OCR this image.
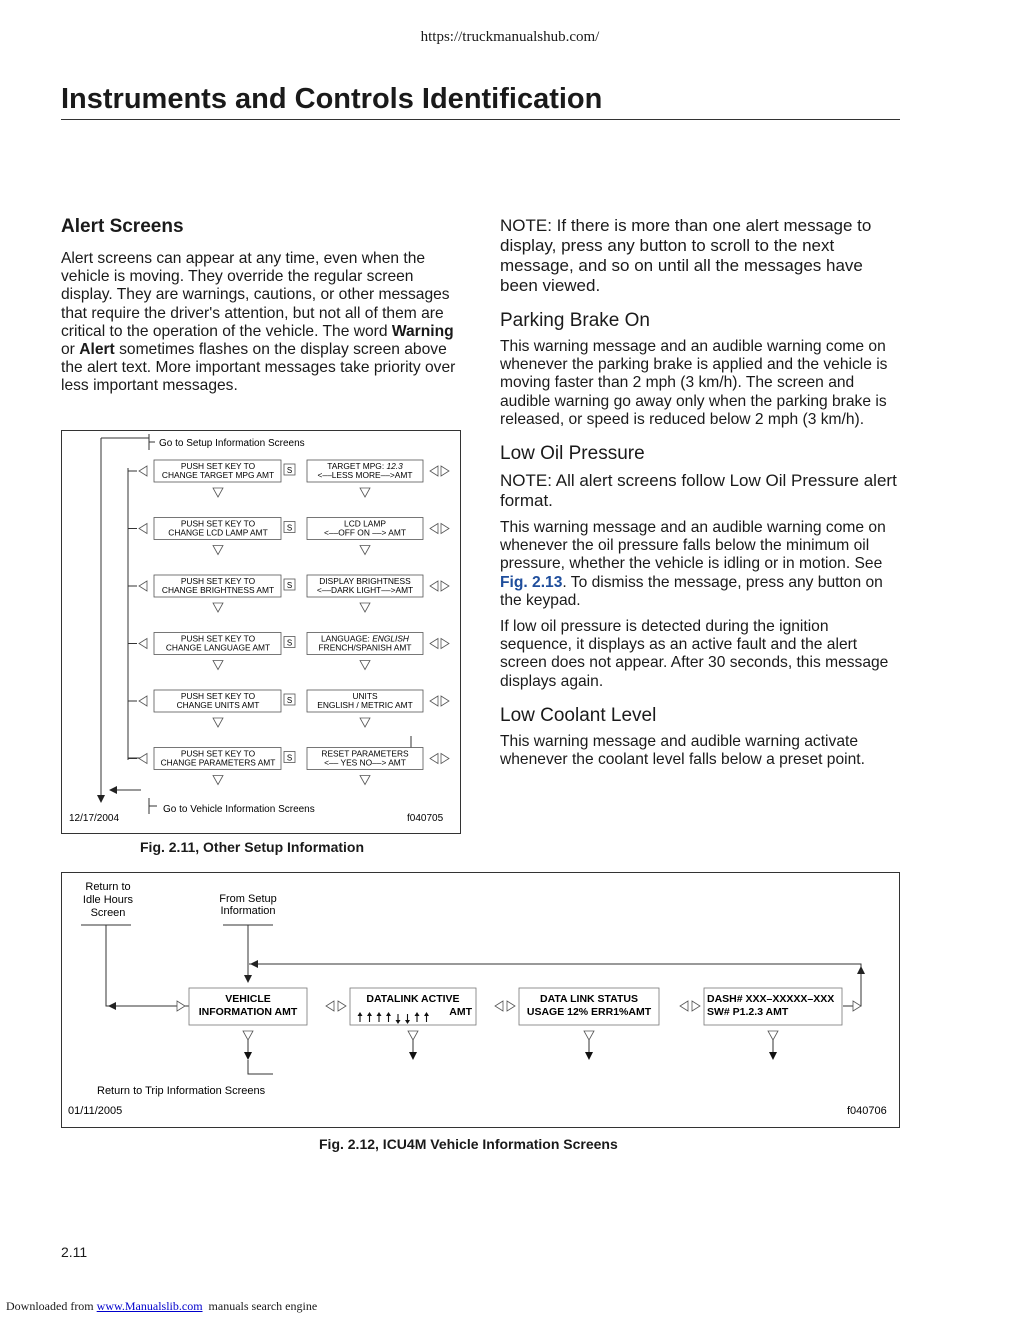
https://truckmanualshub.com/
Instruments and Controls Identification
Alert Screens

Alert screens can appear at any time, even when the vehicle is moving. They override the regular screen display. They are warnings, cautions, or other messages that require the driver's attention, but not all of them are critical to the operation of the vehicle. The word Warning or Alert sometimes flashes on the display screen above the alert text. More important messages take priority over less important messages.

NOTE: If there is more than one alert message to display, press any button to scroll to the next message, and so on until all the messages have been viewed.

Parking Brake On

This warning message and an audible warning come on whenever the parking brake is applied and the vehicle is moving faster than 2 mph (3 km/h). The screen and audible warning go away only when the parking brake is released, or speed is reduced below 2 mph (3 km/h).

Low Oil Pressure

NOTE: All alert screens follow Low Oil Pressure alert format.

This warning message and an audible warning come on whenever the oil pressure falls below the minimum oil pressure, whether the vehicle is idling or in motion. See Fig. 2.13. To dismiss the message, press any button on the keypad.

If low oil pressure is detected during the ignition sequence, it displays as an active fault and the alert screen does not appear. After 30 seconds, this message displays again.

Low Coolant Level

This warning message and audible warning activate whenever the coolant level falls below a preset point.

Go to Setup Information Screens
Go to Vehicle Information Screens
12/17/2004	f040705
PUSH SET KEY TO
CHANGE TARGET MPG AMT S	TARGET MPG: 12.3
<––LESS MORE––>AMT
PUSH SET KEY TO
CHANGE LCD LAMP AMT S	LCD LAMP
<––OFF ON ––> AMT
PUSH SET KEY TO
CHANGE BRIGHTNESS AMT S	DISPLAY BRIGHTNESS
<––DARK LIGHT––>AMT
PUSH SET KEY TO
CHANGE LANGUAGE AMT S	LANGUAGE: ENGLISH
FRENCH/SPANISH AMT
PUSH SET KEY TO
CHANGE UNITS AMT	S	UNITS
ENGLISH / METRIC AMT
PUSH SET KEY TO
CHANGE PARAMETERS AMT S	RESET PARAMETERS
<–– YES NO––> AMT
Fig. 2.11, Other Setup Information
Return to
Idle Hours
Screen
From Setup
Information
VEHICLE
INFORMATION AMT
DATALINK ACTIVE
AMT
DATA LINK STATUS
USAGE 12% ERR1%AMT
DASH# XXX–XXXXX–XXX
SW# P1.2.3 AMT
Return to Trip Information Screens
01/11/2005	f040706
Fig. 2.12, ICU4M Vehicle Information Screens
2.11
Downloaded from www.Manualslib.com manuals search engine
